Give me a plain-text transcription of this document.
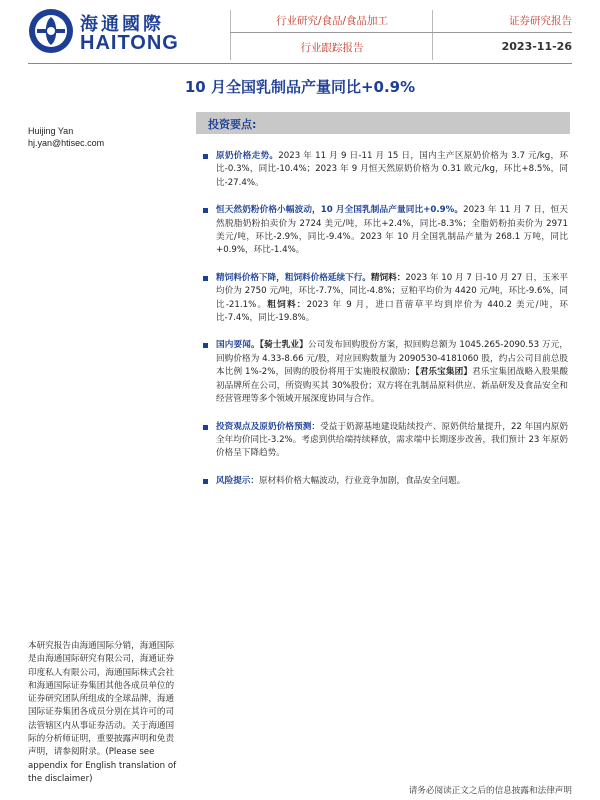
海通國際
HAITONG
行业研究/食品/食品加工
行业跟踪报告
证券研究报告
2023-11-26
10 月全国乳制品产量同比+0.9%
Huijing Yan
hj.yan@htisec.com
本研究报告由海通国际分销，海通国际是由海通国际研究有限公司，海通证券印度私人有限公司，海通国际株式会社和海通国际证券集团其他各成员单位的证券研究团队所组成的全球品牌，海通国际证券集团各成员分别在其许可的司法管辖区内从事证券活动。关于海通国际的分析师证明，重要披露声明和免责声明，请参阅附录。(Please see appendix for English translation of the disclaimer)
投资要点:
原奶价格走势。2023 年 11 月 9 日-11 月 15 日，国内主产区原奶价格为 3.7 元/kg，环比-0.3%，同比-10.4%；2023 年 9 月恒天然原奶价格为 0.31 欧元/kg，环比+8.5%，同比-27.4%。
恒天然奶粉价格小幅波动，10 月全国乳制品产量同比+0.9%。2023 年 11 月 7 日，恒天然脱脂奶粉拍卖价为 2724 美元/吨，环比+2.4%，同比-8.3%；全脂奶粉拍卖价为 2971 美元/吨，环比-2.9%，同比-9.4%。2023 年 10 月全国乳制品产量为 268.1 万吨，同比+0.9%，环比-1.4%。
精饲料价格下降，粗饲料价格延续下行。精饲料：2023 年 10 月 7 日-10 月 27 日，玉米平均价为 2750 元/吨，环比-7.7%，同比-4.8%；豆粕平均价为 4420 元/吨，环比-9.6%，同比-21.1%。粗饲料：2023 年 9 月，进口苜蓿草平均到岸价为 440.2 美元/吨，环比-7.4%，同比-19.8%。
国内要闻。【骑士乳业】公司发布回购股份方案，拟回购总额为 1045.265-2090.53 万元，回购价格为 4.33-8.66 元/股，对应回购数量为 2090530-4181060 股，约占公司目前总股本比例 1%-2%，回购的股份将用于实施股权激励；【君乐宝集团】君乐宝集团战略入股果酸初品牌所在公司，所资购买其 30%股份；双方将在乳制品原料供应、新品研发及食品安全和经营管理等多个领域开展深度协同与合作。
投资观点及原奶价格预测：受益于奶源基地建设陆续投产、原奶供给量提升，22 年国内原奶全年均价同比-3.2%。考虑到供给端持续释放，需求端中长期逐步改善，我们预计 23 年原奶价格呈下降趋势。
风险提示：原材料价格大幅波动，行业竞争加剧，食品安全问题。
请务必阅读正文之后的信息披露和法律声明
